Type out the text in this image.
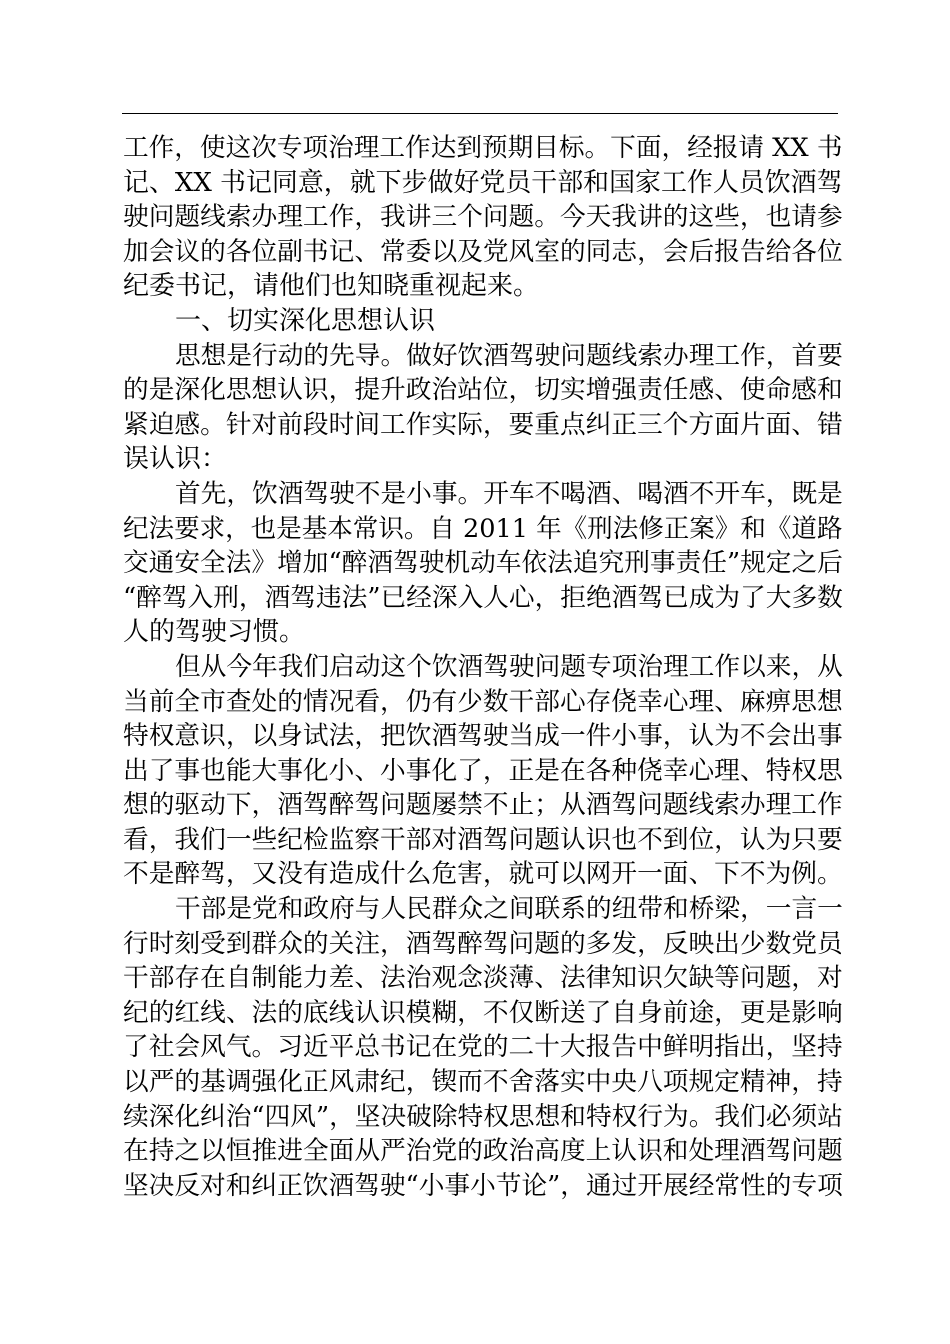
工作，使这次专项治理工作达到预期目标。下面，经报请 XX 书
记、XX 书记同意，就下步做好党员干部和国家工作人员饮酒驾
驶问题线索办理工作，我讲三个问题。今天我讲的这些，也请参
加会议的各位副书记、常委以及党风室的同志，会后报告给各位
纪委书记，请他们也知晓重视起来。
一、切实深化思想认识
思想是行动的先导。做好饮酒驾驶问题线索办理工作，首要
的是深化思想认识，提升政治站位，切实增强责任感、使命感和
紧迫感。针对前段时间工作实际，要重点纠正三个方面片面、错
误认识：
首先，饮酒驾驶不是小事。开车不喝酒、喝酒不开车，既是
纪法要求，也是基本常识。自 2011 年《刑法修正案》和《道路
交通安全法》增加“醉酒驾驶机动车依法追究刑事责任”规定之后
“醉驾入刑，酒驾违法”已经深入人心，拒绝酒驾已成为了大多数
人的驾驶习惯。
但从今年我们启动这个饮酒驾驶问题专项治理工作以来，从
当前全市查处的情况看，仍有少数干部心存侥幸心理、麻痹思想
特权意识，以身试法，把饮酒驾驶当成一件小事，认为不会出事
出了事也能大事化小、小事化了，正是在各种侥幸心理、特权思
想的驱动下，酒驾醉驾问题屡禁不止；从酒驾问题线索办理工作
看，我们一些纪检监察干部对酒驾问题认识也不到位，认为只要
不是醉驾，又没有造成什么危害，就可以网开一面、下不为例。
干部是党和政府与人民群众之间联系的纽带和桥梁，一言一
行时刻受到群众的关注，酒驾醉驾问题的多发，反映出少数党员
干部存在自制能力差、法治观念淡薄、法律知识欠缺等问题，对
纪的红线、法的底线认识模糊，不仅断送了自身前途，更是影响
了社会风气。习近平总书记在党的二十大报告中鲜明指出，坚持
以严的基调强化正风肃纪，锲而不舍落实中央八项规定精神，持
续深化纠治“四风”，坚决破除特权思想和特权行为。我们必须站
在持之以恒推进全面从严治党的政治高度上认识和处理酒驾问题
坚决反对和纠正饮酒驾驶“小事小节论”，通过开展经常性的专项
